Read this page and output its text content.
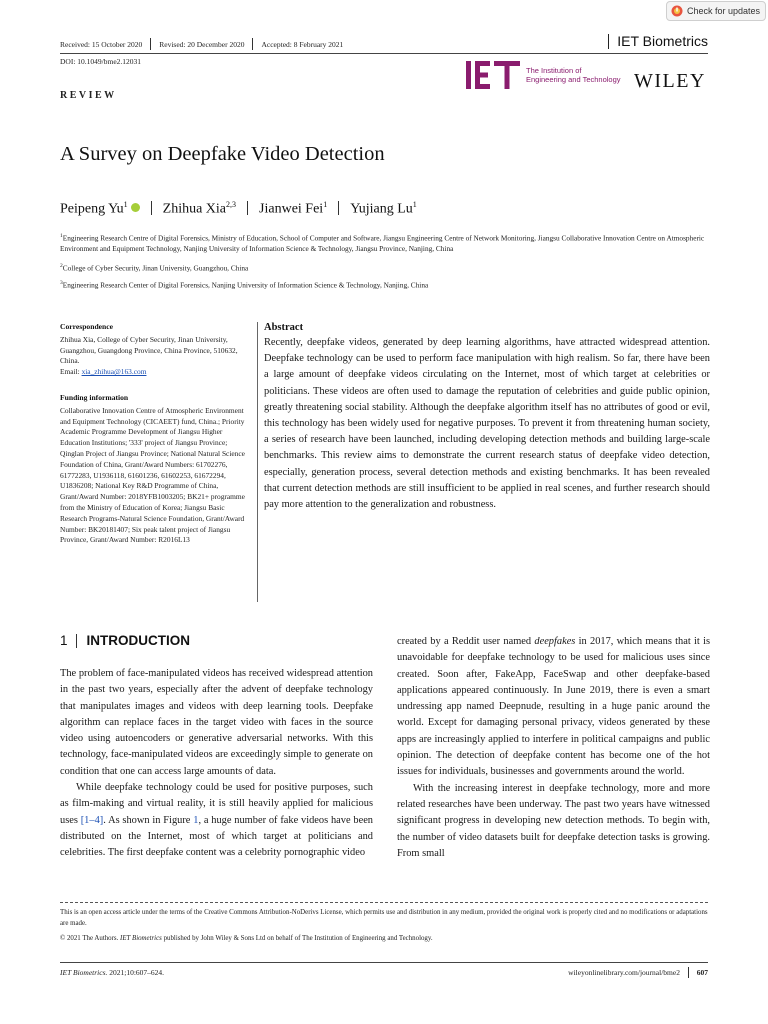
Check for updates
Received: 15 October 2020 Revised: 20 December 2020 Accepted: 8 February 2021	IET Biometrics
DOI: 10.1049/bme2.12031
The Institution of
Engineering and Technology WILEY
REVIEW
A Survey on Deepfake Video Detection
Peipeng Yu$^1$	Zhihua Xia$^{2,3}$ Jianwei Fei$^1$ Yujiang Lu$^1$
$^1$Engineering Research Centre of Digital Forensics, Ministry of Education, School of Computer and Software, Jiangsu Engineering Centre of Network Monitoring, Jiangsu Collaborative Innovation Centre on Atmospheric Environment and Equipment Technology, Nanjing University of Information Science & Technology, Jiangsu Province, Nanjing, China
$^2$College of Cyber Security, Jinan University, Guangzhou, China
$^3$Engineering Research Center of Digital Forensics, Nanjing University of Information Science & Technology, Nanjing, China
Correspondence

Zhihua Xia, College of Cyber Security, Jinan University, Guangzhou, Guangdong Province, China Province, 510632, China.

Email: xia_zhihua@163.com

Funding information

Collaborative Innovation Centre of Atmospheric Environment and Equipment Technology (CICAEET) fund, China.; Priority Academic Programme Development of Jiangsu Higher Education Institutions; '333' project of Jiangsu Province; Qinglan Project of Jiangsu Province; National Natural Science Foundation of China, Grant/Award Numbers: 61702276, 61772283, U1936118, 61601236, 61602253, 61672294, U1836208; National Key R&D Programme of China, Grant/Award Number: 2018YFB1003205; BK21+ programme from the Ministry of Education of Korea; Jiangsu Basic Research Programs-Natural Science Foundation, Grant/Award Number: BK20181407; Six peak talent project of Jiangsu Province, Grant/Award Number: R2016L13

Abstract

Recently, deepfake videos, generated by deep learning algorithms, have attracted widespread attention. Deepfake technology can be used to perform face manipulation with high realism. So far, there have been a large amount of deepfake videos circulating on the Internet, most of which target at celebrities or politicians. These videos are often used to damage the reputation of celebrities and guide public opinion, greatly threatening social stability. Although the deepfake algorithm itself has no attributes of good or evil, this technology has been widely used for negative purposes. To prevent it from threatening human society, a series of research have been launched, including developing detection methods and building large-scale benchmarks. This review aims to demonstrate the current research status of deepfake video detection, especially, generation process, several detection methods and existing benchmarks. It has been revealed that current detection methods are still insufficient to be applied in real scenes, and further research should pay more attention to the generalization and robustness.

1 INTRODUCTION

The problem of face-manipulated videos has received widespread attention in the past two years, especially after the advent of deepfake technology that manipulates images and videos with deep learning tools. Deepfake algorithm can replace faces in the target video with faces in the source video using autoencoders or generative adversarial networks. With this technology, face-manipulated videos are exceedingly simple to generate on condition that one can access large amounts of data.

While deepfake technology could be used for positive purposes, such as film-making and virtual reality, it is still heavily applied for malicious uses [1–4]. As shown in Figure 1, a huge number of fake videos have been distributed on the Internet, most of which target at politicians and celebrities. The first deepfake content was a celebrity pornographic video

created by a Reddit user named deepfakes in 2017, which means that it is unavoidable for deepfake technology to be used for malicious uses since created. Soon after, FakeApp, FaceSwap and other deepfake-based applications appeared continuously. In June 2019, there is even a smart undressing app named Deepnude, resulting in a huge panic around the world. Except for damaging personal privacy, videos generated by these apps are increasingly applied to interfere in political campaigns and public opinion. The detection of deepfake content has become one of the hot issues for individuals, businesses and governments around the world.

With the increasing interest in deepfake technology, more and more related researches have been underway. The past two years have witnessed significant progress in developing new detection methods. To begin with, the number of video datasets built for deepfake detection tasks is growing. From small

This is an open access article under the terms of the Creative Commons Attribution-NoDerivs License, which permits use and distribution in any medium, provided the original work is properly cited and no modifications or adaptations are made.
© 2021 The Authors. IET Biometrics published by John Wiley & Sons Ltd on behalf of The Institution of Engineering and Technology.
IET Biometrics. 2021;10:607–624.	wileyonlinelibrary.com/journal/bme2 607
